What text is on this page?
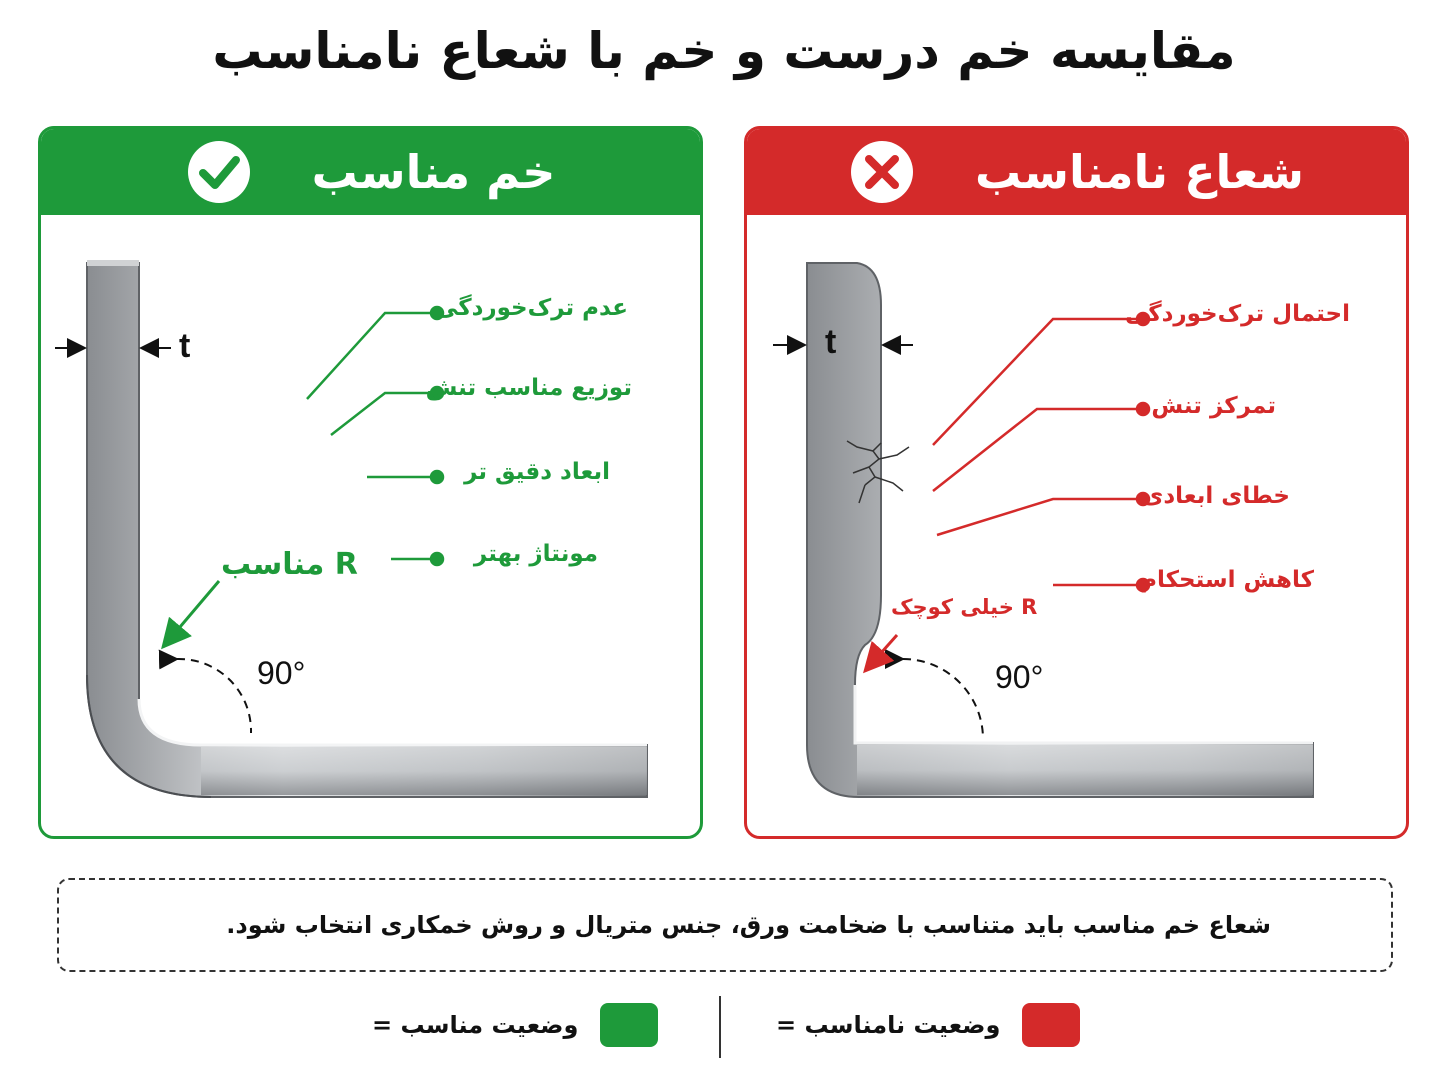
مقایسه خم درست و خم با شعاع نامناسب
خم مناسب
t
90°
عدم ترک‌خوردگی
توزیع مناسب تنش
ابعاد دقیق تر
مونتاژ بهتر
R مناسب
شعاع نامناسب
t
90°
احتمال ترک‌خوردگی
تمرکز تنش
خطای ابعادی
کاهش استحکام
R خیلی کوچک
شعاع خم مناسب باید متناسب با ضخامت ورق، جنس متریال و روش خمکاری انتخاب شود.
وضعیت نامناسب =
وضعیت مناسب =
